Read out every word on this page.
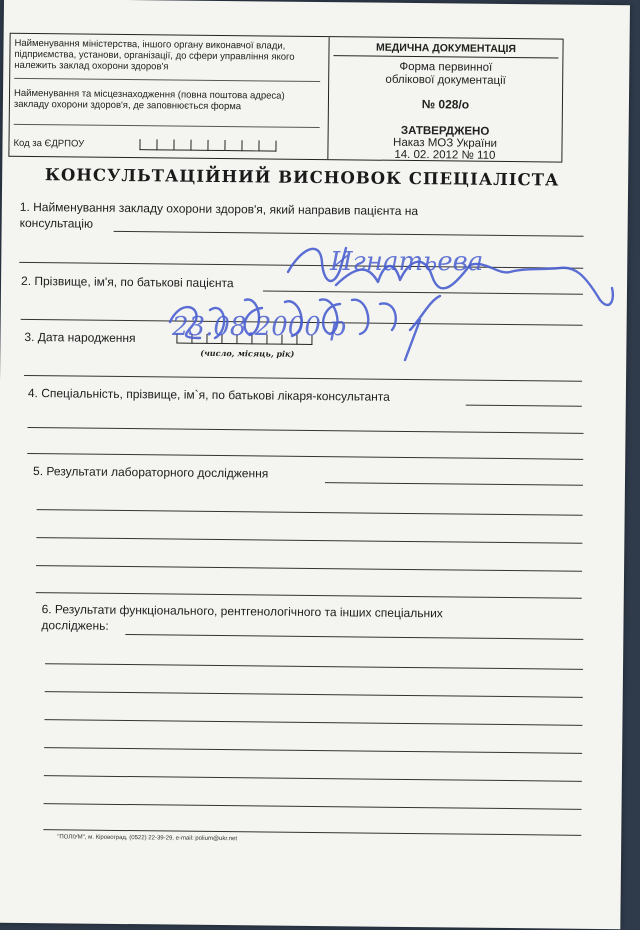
Найменування міністерства, іншого органу виконавчої влади, підприємства, установи, організації, до сфери управління якого належить заклад охорони здоров'я
Найменування та місцезнаходження (повна поштова адреса) закладу охорони здоров'я, де заповнюється форма
Код за ЄДРПОУ
МЕДИЧНА ДОКУМЕНТАЦІЯ
Форма первинної
облікової документації
№ 028/о
ЗАТВЕРДЖЕНО
Наказ МОЗ України
14. 02. 2012 № 110
КОНСУЛЬТАЦІЙНИЙ ВИСНОВОК СПЕЦІАЛІСТА
1. Найменування закладу охорони здоров'я, який направив пацієнта на
консультацію
2. Прізвище, ім'я, по батькові пацієнта
3. Дата народження
(число, місяць, рік)
4. Спеціальність, прізвище, ім`я, по батькові лікаря-консультанта
5. Результати лабораторного дослідження
6. Результати функціонального, рентгенологічного та інших спеціальних
досліджень:
"ПОЛІУМ", м. Кіровоград, (0522) 22-39-29, e-mail: polium@ukr.net
Игнатьева
23.08.2000 р
